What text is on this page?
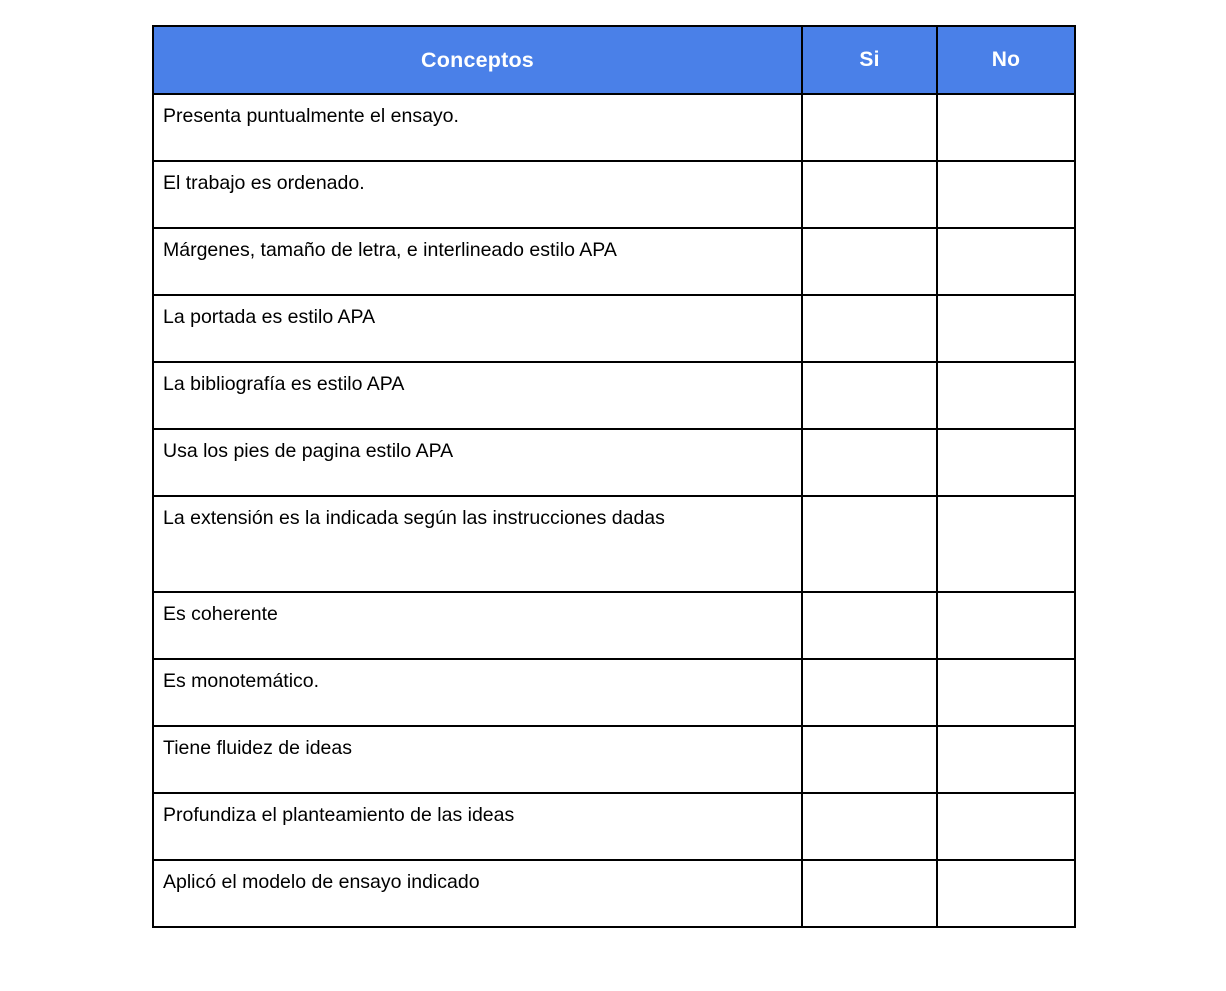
Conceptos	Si	No
Presenta puntualmente el ensayo.		
El trabajo es ordenado.		
Márgenes, tamaño de letra, e interlineado estilo APA		
La portada es estilo APA		
La bibliografía es estilo APA		
Usa los pies de pagina estilo APA		
La extensión es la indicada según las instrucciones dadas		
Es coherente		
Es monotemático.		
Tiene fluidez de ideas		
Profundiza el planteamiento de las ideas		
Aplicó el modelo de ensayo indicado		
